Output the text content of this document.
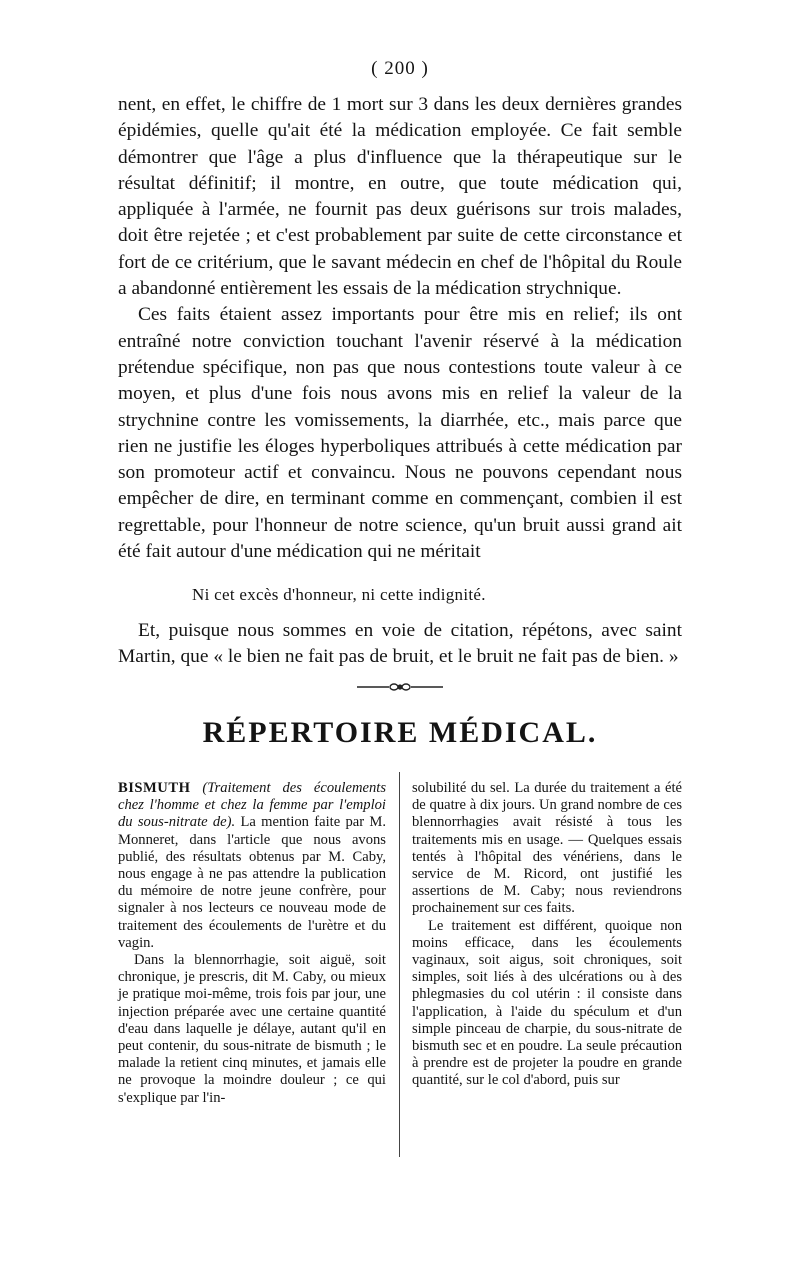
( 200 )

nent, en effet, le chiffre de 1 mort sur 3 dans les deux dernières grandes épidémies, quelle qu'ait été la médication employée. Ce fait semble démontrer que l'âge a plus d'influence que la thérapeutique sur le résultat définitif; il montre, en outre, que toute médication qui, appliquée à l'armée, ne fournit pas deux guérisons sur trois malades, doit être rejetée ; et c'est probablement par suite de cette circonstance et fort de ce critérium, que le savant médecin en chef de l'hôpital du Roule a abandonné entièrement les essais de la médication strychnique.

Ces faits étaient assez importants pour être mis en relief; ils ont entraîné notre conviction touchant l'avenir réservé à la médication prétendue spécifique, non pas que nous contestions toute valeur à ce moyen, et plus d'une fois nous avons mis en relief la valeur de la strychnine contre les vomissements, la diarrhée, etc., mais parce que rien ne justifie les éloges hyperboliques attribués à cette médication par son promoteur actif et convaincu. Nous ne pouvons cependant nous empêcher de dire, en terminant comme en commençant, combien il est regrettable, pour l'honneur de notre science, qu'un bruit aussi grand ait été fait autour d'une médication qui ne méritait

Ni cet excès d'honneur, ni cette indignité.

Et, puisque nous sommes en voie de citation, répétons, avec saint Martin, que « le bien ne fait pas de bruit, et le bruit ne fait pas de bien. »

RÉPERTOIRE MÉDICAL.

BISMUTH (Traitement des écoulements chez l'homme et chez la femme par l'emploi du sous-nitrate de). La mention faite par M. Monneret, dans l'article que nous avons publié, des résultats obtenus par M. Caby, nous engage à ne pas attendre la publication du mémoire de notre jeune confrère, pour signaler à nos lecteurs ce nouveau mode de traitement des écoulements de l'urètre et du vagin.

Dans la blennorrhagie, soit aiguë, soit chronique, je prescris, dit M. Caby, ou mieux je pratique moi-même, trois fois par jour, une injection préparée avec une certaine quantité d'eau dans laquelle je délaye, autant qu'il en peut contenir, du sous-nitrate de bismuth ; le malade la retient cinq minutes, et jamais elle ne provoque la moindre douleur ; ce qui s'explique par l'in-

solubilité du sel. La durée du traitement a été de quatre à dix jours. Un grand nombre de ces blennorrhagies avait résisté à tous les traitements mis en usage. — Quelques essais tentés à l'hôpital des vénériens, dans le service de M. Ricord, ont justifié les assertions de M. Caby; nous reviendrons prochainement sur ces faits.

Le traitement est différent, quoique non moins efficace, dans les écoulements vaginaux, soit aigus, soit chroniques, soit simples, soit liés à des ulcérations ou à des phlegmasies du col utérin : il consiste dans l'application, à l'aide du spéculum et d'un simple pinceau de charpie, du sous-nitrate de bismuth sec et en poudre. La seule précaution à prendre est de projeter la poudre en grande quantité, sur le col d'abord, puis sur
